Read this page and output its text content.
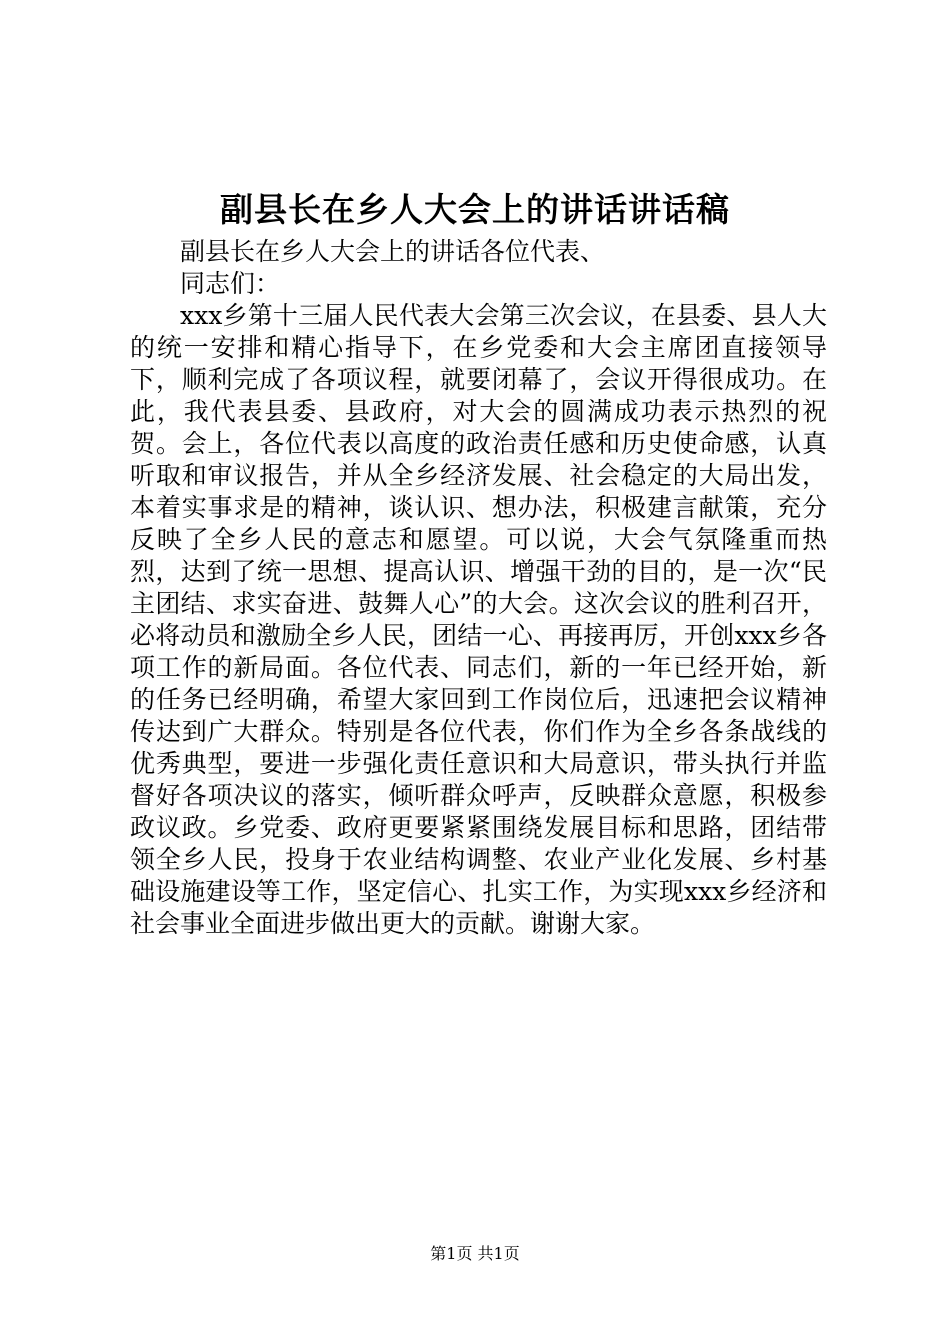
副县长在乡人大会上的讲话讲话稿

副县长在乡人大会上的讲话各位代表、

同志们：

xxx乡第十三届人民代表大会第三次会议，在县委、县人大的统一安排和精心指导下，在乡党委和大会主席团直接领导下，顺利完成了各项议程，就要闭幕了，会议开得很成功。在此，我代表县委、县政府，对大会的圆满成功表示热烈的祝贺。会上，各位代表以高度的政治责任感和历史使命感，认真听取和审议报告，并从全乡经济发展、社会稳定的大局出发，本着实事求是的精神，谈认识、想办法，积极建言献策，充分反映了全乡人民的意志和愿望。可以说，大会气氛隆重而热烈，达到了统一思想、提高认识、增强干劲的目的，是一次“民主团结、求实奋进、鼓舞人心”的大会。这次会议的胜利召开，必将动员和激励全乡人民，团结一心、再接再厉，开创xxx乡各项工作的新局面。各位代表、同志们，新的一年已经开始，新的任务已经明确，希望大家回到工作岗位后，迅速把会议精神传达到广大群众。特别是各位代表，你们作为全乡各条战线的优秀典型，要进一步强化责任意识和大局意识，带头执行并监督好各项决议的落实，倾听群众呼声，反映群众意愿，积极参政议政。乡党委、政府更要紧紧围绕发展目标和思路，团结带领全乡人民，投身于农业结构调整、农业产业化发展、乡村基础设施建设等工作，坚定信心、扎实工作，为实现xxx乡经济和社会事业全面进步做出更大的贡献。谢谢大家。

第1页 共1页
